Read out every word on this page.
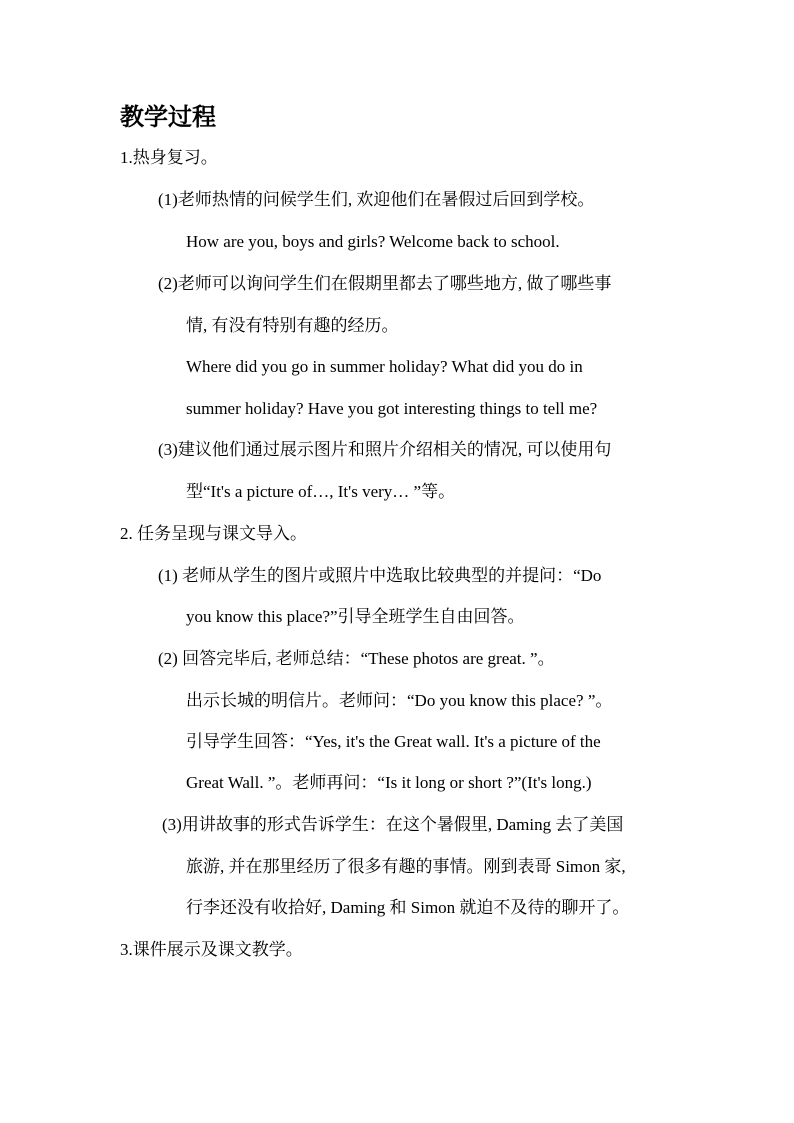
教学过程
1.热身复习。
(1)老师热情的问候学生们, 欢迎他们在暑假过后回到学校。
How are you, boys and girls? Welcome back to school.
(2)老师可以询问学生们在假期里都去了哪些地方, 做了哪些事
情, 有没有特别有趣的经历。
Where did you go in summer holiday? What did you do in
summer holiday? Have you got interesting things to tell me?
(3)建议他们通过展示图片和照片介绍相关的情况, 可以使用句
型“It's a picture of…, It's very… ”等。
2. 任务呈现与课文导入。
(1) 老师从学生的图片或照片中选取比较典型的并提问：“Do
you know this place?”引导全班学生自由回答。
(2) 回答完毕后, 老师总结：“These photos are great. ”。
出示长城的明信片。老师问：“Do you know this place? ”。
引导学生回答：“Yes, it's the Great wall. It's a picture of the
Great Wall. ”。老师再问：“Is it long or short ?”(It's long.)
(3)用讲故事的形式告诉学生：在这个暑假里, Daming 去了美国
旅游, 并在那里经历了很多有趣的事情。刚到表哥 Simon 家,
行李还没有收拾好, Daming 和 Simon 就迫不及待的聊开了。
3.课件展示及课文教学。
